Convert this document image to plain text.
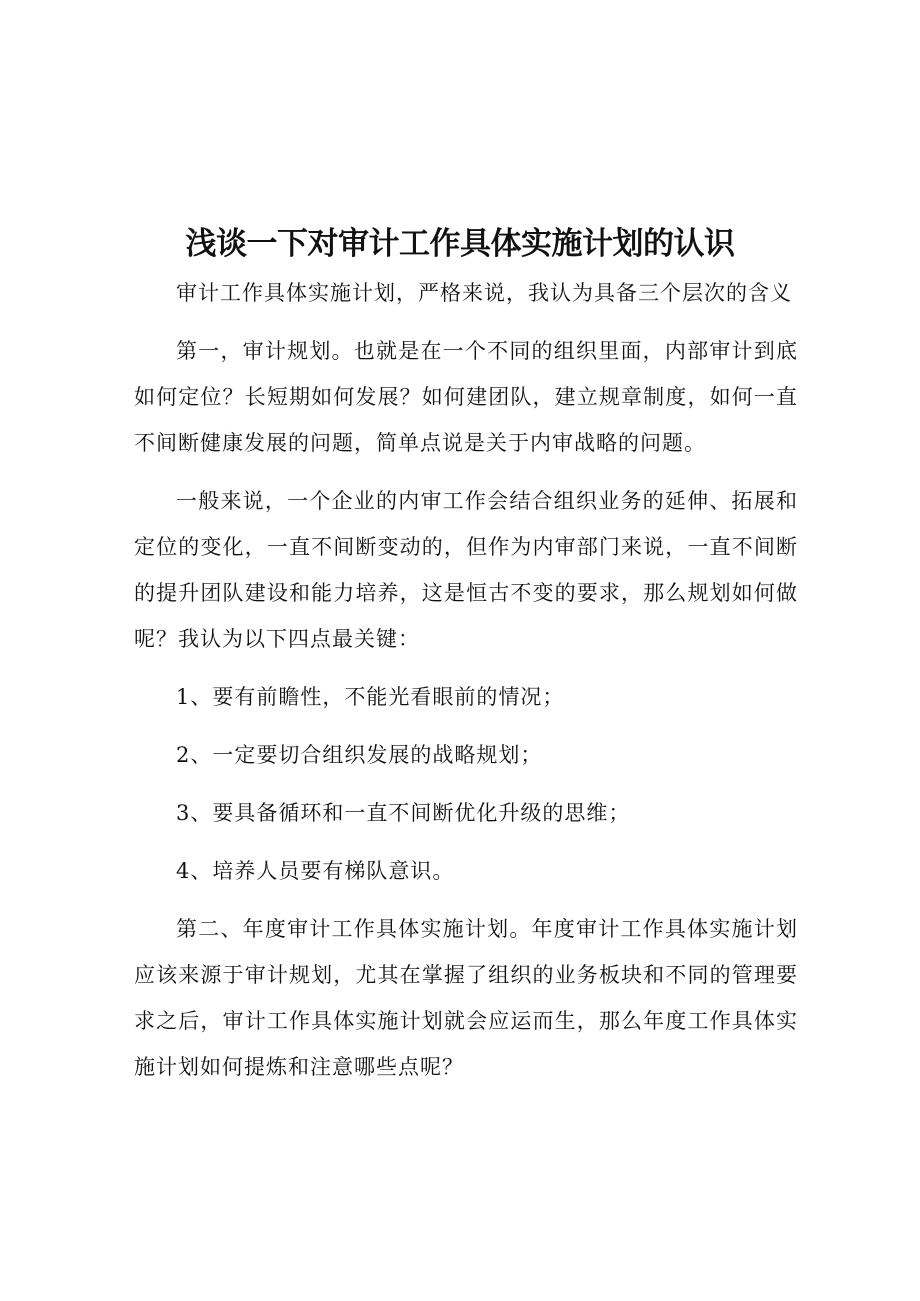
浅谈一下对审计工作具体实施计划的认识

审计工作具体实施计划，严格来说，我认为具备三个层次的含义

第一，审计规划。也就是在一个不同的组织里面，内部审计到底如何定位？长短期如何发展？如何建团队，建立规章制度，如何一直不间断健康发展的问题，简单点说是关于内审战略的问题。

一般来说，一个企业的内审工作会结合组织业务的延伸、拓展和定位的变化，一直不间断变动的，但作为内审部门来说，一直不间断的提升团队建设和能力培养，这是恒古不变的要求，那么规划如何做呢？我认为以下四点最关键：

1、要有前瞻性，不能光看眼前的情况；

2、一定要切合组织发展的战略规划；

3、要具备循环和一直不间断优化升级的思维；

4、培养人员要有梯队意识。

第二、年度审计工作具体实施计划。年度审计工作具体实施计划应该来源于审计规划，尤其在掌握了组织的业务板块和不同的管理要求之后，审计工作具体实施计划就会应运而生，那么年度工作具体实施计划如何提炼和注意哪些点呢？
